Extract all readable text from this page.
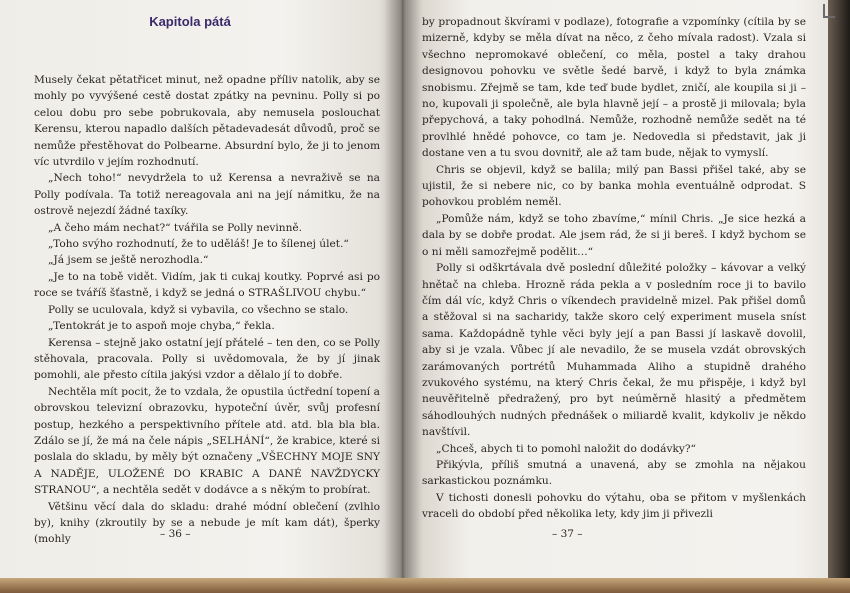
Kapitola pátá

Musely čekat pětatřicet minut, než opadne příliv natolik, aby se mohly po vyvýšené cestě dostat zpátky na pevninu. Polly si po celou dobu pro sebe pobrukovala, aby nemusela poslouchat Kerensu, kterou napadlo dalších pětadevadesát důvodů, proč se nemůže přestěhovat do Polbearne. Absurdní bylo, že ji to jenom víc utvrdilo v jejím rozhodnutí.

„Nech toho!“ nevydržela to už Kerensa a nevraživě se na Polly podívala. Ta totiž nereagovala ani na její námitku, že na ostrově nejezdí žádné taxíky.

„A čeho mám nechat?“ tvářila se Polly nevinně.

„Toho svýho rozhodnutí, že to uděláš! Je to šílenej úlet.“

„Já jsem se ještě nerozhodla.“

„Je to na tobě vidět. Vidím, jak ti cukaj koutky. Poprvé asi po roce se tváříš šťastně, i když se jedná o STRAŠLIVOU chybu.“

Polly se uculovala, když si vybavila, co všechno se stalo.

„Tentokrát je to aspoň moje chyba,“ řekla.

Kerensa – stejně jako ostatní její přátelé – ten den, co se Polly stěhovala, pracovala. Polly si uvědomovala, že by jí jinak pomohli, ale přesto cítila jakýsi vzdor a dělalo jí to dobře.

Nechtěla mít pocit, že to vzdala, že opustila úctřední topení a obrovskou televizní obrazovku, hypoteční úvěr, svůj profesní postup, hezkého a perspektivního přítele atd. atd. bla bla bla. Zdálo se jí, že má na čele nápis „SELHÁNÍ“, že krabice, které si poslala do skladu, by měly být označeny „VŠECHNY MOJE SNY A NADĚJE, ULOŽENÉ DO KRABIC A DANÉ NAVŽDYCKY STRANOU“, a nechtěla sedět v dodávce a s někým to probírat.

Většinu věcí dala do skladu: drahé módní oblečení (zvlhlo by), knihy (zkroutily by se a nebude je mít kam dát), šperky (mohly	– 36 –

by propadnout škvírami v podlaze), fotografie a vzpomínky (cítila by se mizerně, kdyby se měla dívat na něco, z čeho mívala radost). Vzala si všechno nepromokavé oblečení, co měla, postel a taky drahou designovou pohovku ve světle šedé barvě, i když to byla známka snobismu. Zřejmě se tam, kde teď bude bydlet, zničí, ale koupila si ji – no, kupovali ji společně, ale byla hlavně její – a prostě ji milovala; byla přepychová, a taky pohodlná. Nemůže, rozhodně nemůže sedět na té provlhlé hnědé pohovce, co tam je. Nedovedla si představit, jak ji dostane ven a tu svou dovnitř, ale až tam bude, nějak to vymyslí.

Chris se objevil, když se balila; milý pan Bassi přišel také, aby se ujistil, že si nebere nic, co by banka mohla eventuálně odprodat. S pohovkou problém neměl.

„Pomůže nám, když se toho zbavíme,“ mínil Chris. „Je sice hezká a dala by se dobře prodat. Ale jsem rád, že si ji bereš. I když bychom se o ni měli samozřejmě podělit…“

Polly si odškrtávala dvě poslední důležité položky – kávovar a velký hnětač na chleba. Hrozně ráda pekla a v posledním roce ji to bavilo čím dál víc, když Chris o víkendech pravidelně mizel. Pak přišel domů a stěžoval si na sacharidy, takže skoro celý experiment musela sníst sama. Každopádně tyhle věci byly její a pan Bassi jí laskavě dovolil, aby si je vzala. Vůbec jí ale nevadilo, že se musela vzdát obrovských zarámovaných portrétů Muhammada Aliho a stupidně drahého zvukového systému, na který Chris čekal, že mu přispěje, i když byl neuvěřitelně předražený, pro byt neúměrně hlasitý a předmětem sáhodlouhých nudných přednášek o miliardě kvalit, kdykoliv je někdo navštívil.

„Chceš, abych ti to pomohl naložit do dodávky?“

Přikývla, příliš smutná a unavená, aby se zmohla na nějakou sarkastickou poznámku.

V tichosti donesli pohovku do výtahu, oba se přitom v myšlenkách vraceli do období před několika lety, kdy jim ji přivezli

– 37 –
